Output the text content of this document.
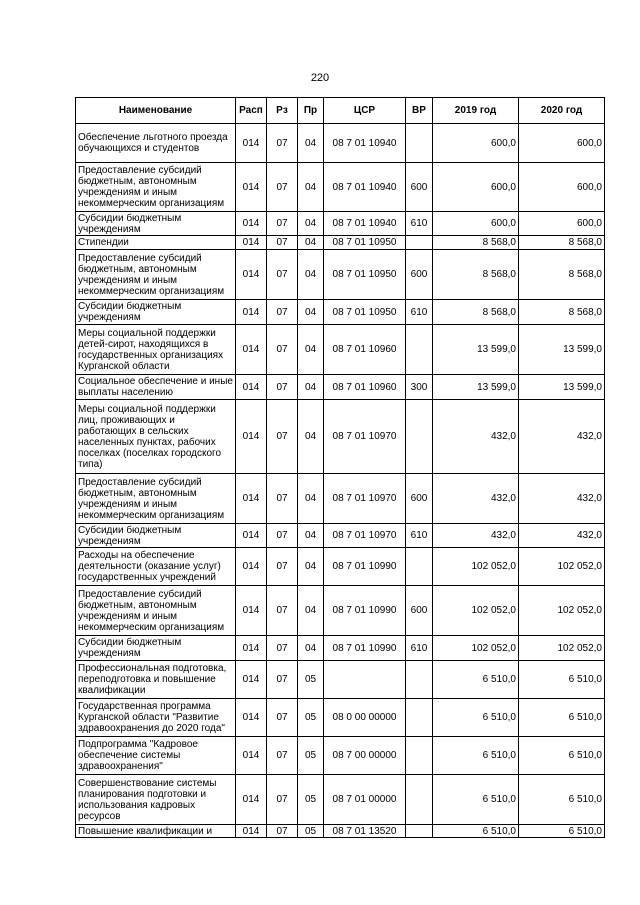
220
Наименование	Расп	Рз	Пр	ЦСР	ВР	2019 год	2020 год
Обеспечение льготного проезда обучающихся и студентов	014	07	04	08 7 01 10940		600,0	600,0
Предоставление субсидий бюджетным, автономным учреждениям и иным некоммерческим организациям	014	07	04	08 7 01 10940	600	600,0	600,0
Субсидии бюджетным учреждениям	014	07	04	08 7 01 10940	610	600,0	600,0
Стипендии	014	07	04	08 7 01 10950		8 568,0	8 568,0
Предоставление субсидий бюджетным, автономным учреждениям и иным некоммерческим организациям	014	07	04	08 7 01 10950	600	8 568,0	8 568,0
Субсидии бюджетным учреждениям	014	07	04	08 7 01 10950	610	8 568,0	8 568,0
Меры социальной поддержки детей-сирот, находящихся в государственных организациях Курганской области	014	07	04	08 7 01 10960		13 599,0	13 599,0
Социальное обеспечение и иные выплаты населению	014	07	04	08 7 01 10960	300	13 599,0	13 599,0
Меры социальной поддержки лиц, проживающих и работающих в сельских населенных пунктах, рабочих поселках (поселках городского типа)	014	07	04	08 7 01 10970		432,0	432,0
Предоставление субсидий бюджетным, автономным учреждениям и иным некоммерческим организациям	014	07	04	08 7 01 10970	600	432,0	432,0
Субсидии бюджетным учреждениям	014	07	04	08 7 01 10970	610	432,0	432,0
Расходы на обеспечение деятельности (оказание услуг) государственных учреждений	014	07	04	08 7 01 10990		102 052,0	102 052,0
Предоставление субсидий бюджетным, автономным учреждениям и иным некоммерческим организациям	014	07	04	08 7 01 10990	600	102 052,0	102 052,0
Субсидии бюджетным учреждениям	014	07	04	08 7 01 10990	610	102 052,0	102 052,0
Профессиональная подготовка, переподготовка и повышение квалификации	014	07	05			6 510,0	6 510,0
Государственная программа Курганской области "Развитие здравоохранения до 2020 года"	014	07	05	08 0 00 00000		6 510,0	6 510,0
Подпрограмма "Кадровое обеспечение системы здравоохранения"	014	07	05	08 7 00 00000		6 510,0	6 510,0
Совершенствование системы планирования подготовки и использования кадровых ресурсов	014	07	05	08 7 01 00000		6 510,0	6 510,0
Повышение квалификации и	014	07	05	08 7 01 13520		6 510,0	6 510,0
